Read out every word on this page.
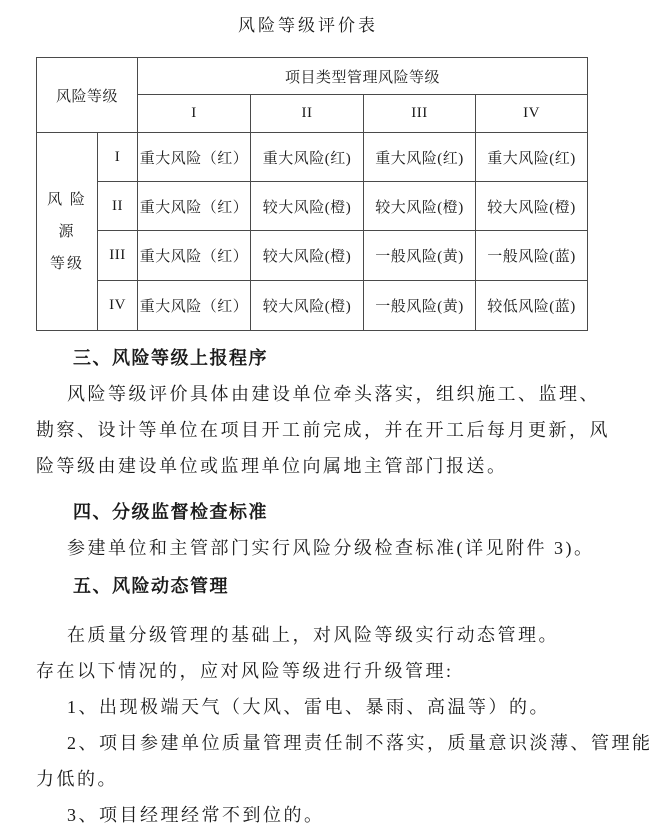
风险等级评价表
风险等级		项目类型管理风险等级			
		I	II	III	IV

风 险
源
等级	I	重大风险（红）	重大风险(红)	重大风险(红)	重大风险(红)
	II	重大风险（红）	较大风险(橙)	较大风险(橙)	较大风险(橙)
	III	重大风险（红）	较大风险(橙)	一般风险(黄)	一般风险(蓝)
	IV	重大风险（红）	较大风险(橙)	一般风险(黄)	较低风险(蓝)
三、风险等级上报程序
风险等级评价具体由建设单位牵头落实，组织施工、监理、
勘察、设计等单位在项目开工前完成，并在开工后每月更新，风
险等级由建设单位或监理单位向属地主管部门报送。
四、分级监督检查标准
参建单位和主管部门实行风险分级检查标准(详见附件 3)。
五、风险动态管理
在质量分级管理的基础上，对风险等级实行动态管理。
存在以下情况的，应对风险等级进行升级管理:
1、出现极端天气（大风、雷电、暴雨、高温等）的。
2、项目参建单位质量管理责任制不落实，质量意识淡薄、管理能
力低的。
3、项目经理经常不到位的。
